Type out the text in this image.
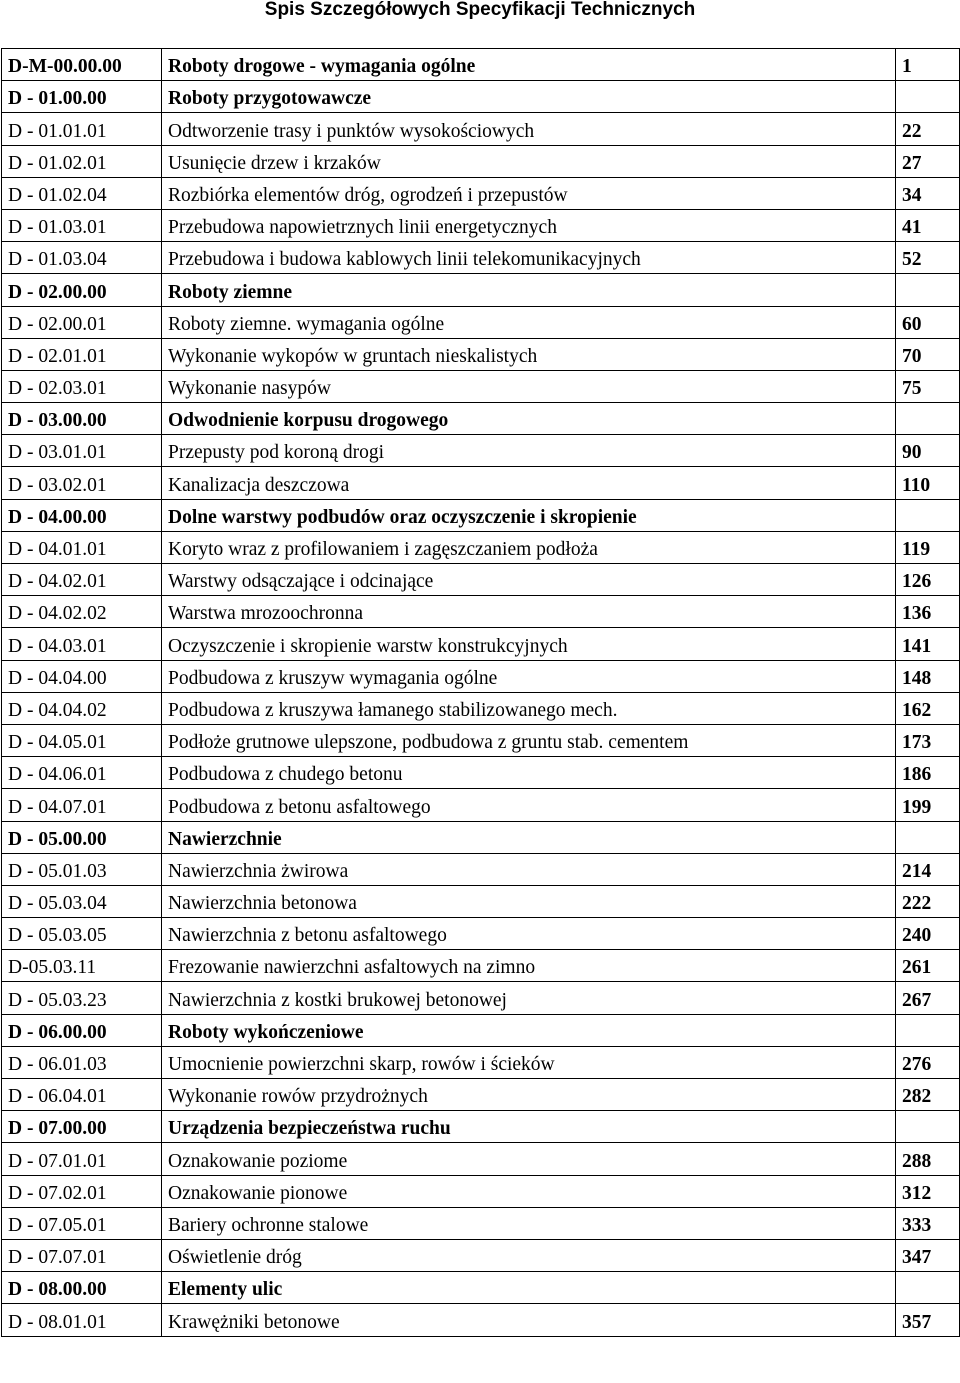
Spis Szczegółowych Specyfikacji Technicznych
D-M-00.00.00	Roboty drogowe - wymagania ogólne	1
D - 01.00.00	Roboty przygotowawcze	
D - 01.01.01	Odtworzenie trasy i punktów wysokościowych	22
D - 01.02.01	Usunięcie drzew i krzaków	27
D - 01.02.04	Rozbiórka elementów dróg, ogrodzeń i przepustów	34
D - 01.03.01	Przebudowa napowietrznych linii energetycznych	41
D - 01.03.04	Przebudowa i budowa kablowych linii telekomunikacyjnych	52
D - 02.00.00	Roboty ziemne	
D - 02.00.01	Roboty ziemne. wymagania ogólne	60
D - 02.01.01	Wykonanie wykopów w gruntach nieskalistych	70
D - 02.03.01	Wykonanie nasypów	75
D - 03.00.00	Odwodnienie korpusu drogowego	
D - 03.01.01	Przepusty pod koroną drogi	90
D - 03.02.01	Kanalizacja deszczowa	110
D - 04.00.00	Dolne warstwy podbudów oraz oczyszczenie i skropienie	
D - 04.01.01	Koryto wraz z profilowaniem i zagęszczaniem podłoża	119
D - 04.02.01	Warstwy odsączające i odcinające	126
D - 04.02.02	Warstwa mrozoochronna	136
D - 04.03.01	Oczyszczenie i skropienie warstw konstrukcyjnych	141
D - 04.04.00	Podbudowa z kruszyw wymagania ogólne	148
D - 04.04.02	Podbudowa z kruszywa łamanego stabilizowanego mech.	162
D - 04.05.01	Podłoże grutnowe ulepszone, podbudowa z gruntu stab. cementem	173
D - 04.06.01	Podbudowa z chudego betonu	186
D - 04.07.01	Podbudowa z betonu asfaltowego	199
D - 05.00.00	Nawierzchnie	
D - 05.01.03	Nawierzchnia żwirowa	214
D - 05.03.04	Nawierzchnia betonowa	222
D - 05.03.05	Nawierzchnia z betonu asfaltowego	240
D-05.03.11	Frezowanie nawierzchni asfaltowych na zimno	261
D - 05.03.23	Nawierzchnia z kostki brukowej betonowej	267
D - 06.00.00	Roboty wykończeniowe	
D - 06.01.03	Umocnienie powierzchni skarp, rowów i ścieków	276
D - 06.04.01	Wykonanie rowów przydrożnych	282
D - 07.00.00	Urządzenia bezpieczeństwa ruchu	
D - 07.01.01	Oznakowanie poziome	288
D - 07.02.01	Oznakowanie pionowe	312
D - 07.05.01	Bariery ochronne stalowe	333
D - 07.07.01	Oświetlenie dróg	347
D - 08.00.00	Elementy ulic	
D - 08.01.01	Krawężniki betonowe	357
